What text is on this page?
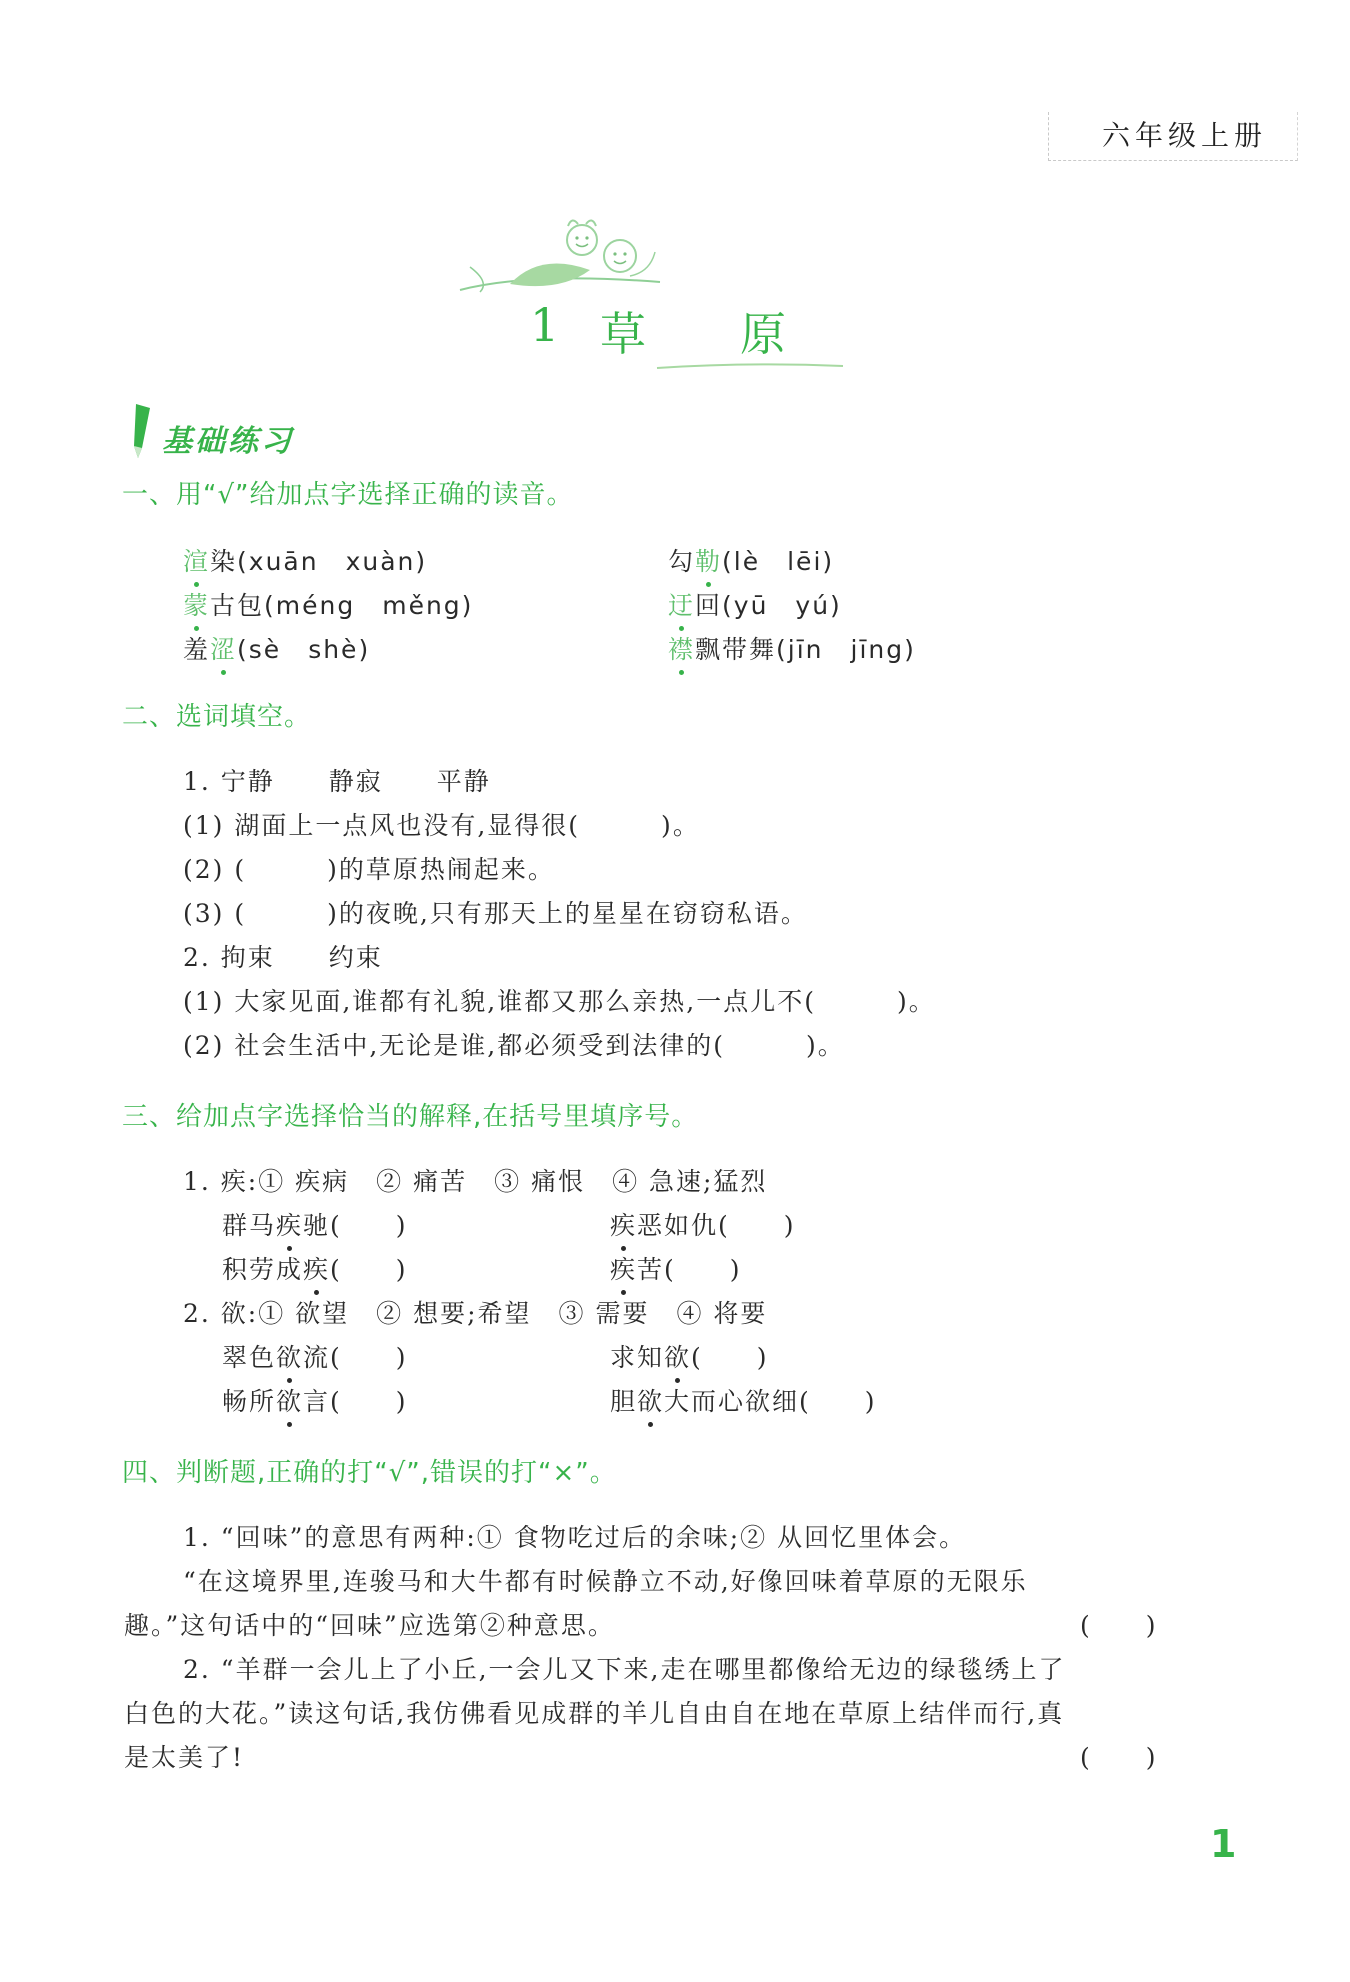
六年级上册
1 草	原
基础练习
一、用“√”给加点字选择正确的读音。
渲染(xuān　xuàn)	勾勒(lè　lēi)
蒙古包(méng　měng)	迂回(yū　yú)
羞涩(sè　shè)	襟飘带舞(jīn　jīng)
二、选词填空。
1. 宁静　　静寂　　平静
(1) 湖面上一点风也没有,显得很(　　　)。
(2) (　　　)的草原热闹起来。
(3) (　　　)的夜晚,只有那天上的星星在窃窃私语。
2. 拘束　　约束
(1) 大家见面,谁都有礼貌,谁都又那么亲热,一点儿不(　　　)。
(2) 社会生活中,无论是谁,都必须受到法律的(　　　)。
三、给加点字选择恰当的解释,在括号里填序号。
1. 疾:① 疾病　② 痛苦　③ 痛恨　④ 急速;猛烈
群马疾驰(　　)	疾恶如仇(　　)
积劳成疾(　　)	疾苦(　　)
2. 欲:① 欲望　② 想要;希望　③ 需要　④ 将要
翠色欲流(　　)	求知欲(　　)
畅所欲言(　　)	胆欲大而心欲细(　　)
四、判断题,正确的打“√”,错误的打“×”。
1. “回味”的意思有两种:① 食物吃过后的余味;② 从回忆里体会。
“在这境界里,连骏马和大牛都有时候静立不动,好像回味着草原的无限乐
趣。”这句话中的“回味”应选第②种意思。	(　　)
2. “羊群一会儿上了小丘,一会儿又下来,走在哪里都像给无边的绿毯绣上了
白色的大花。”读这句话,我仿佛看见成群的羊儿自由自在地在草原上结伴而行,真
是太美了!	(　　)
1
